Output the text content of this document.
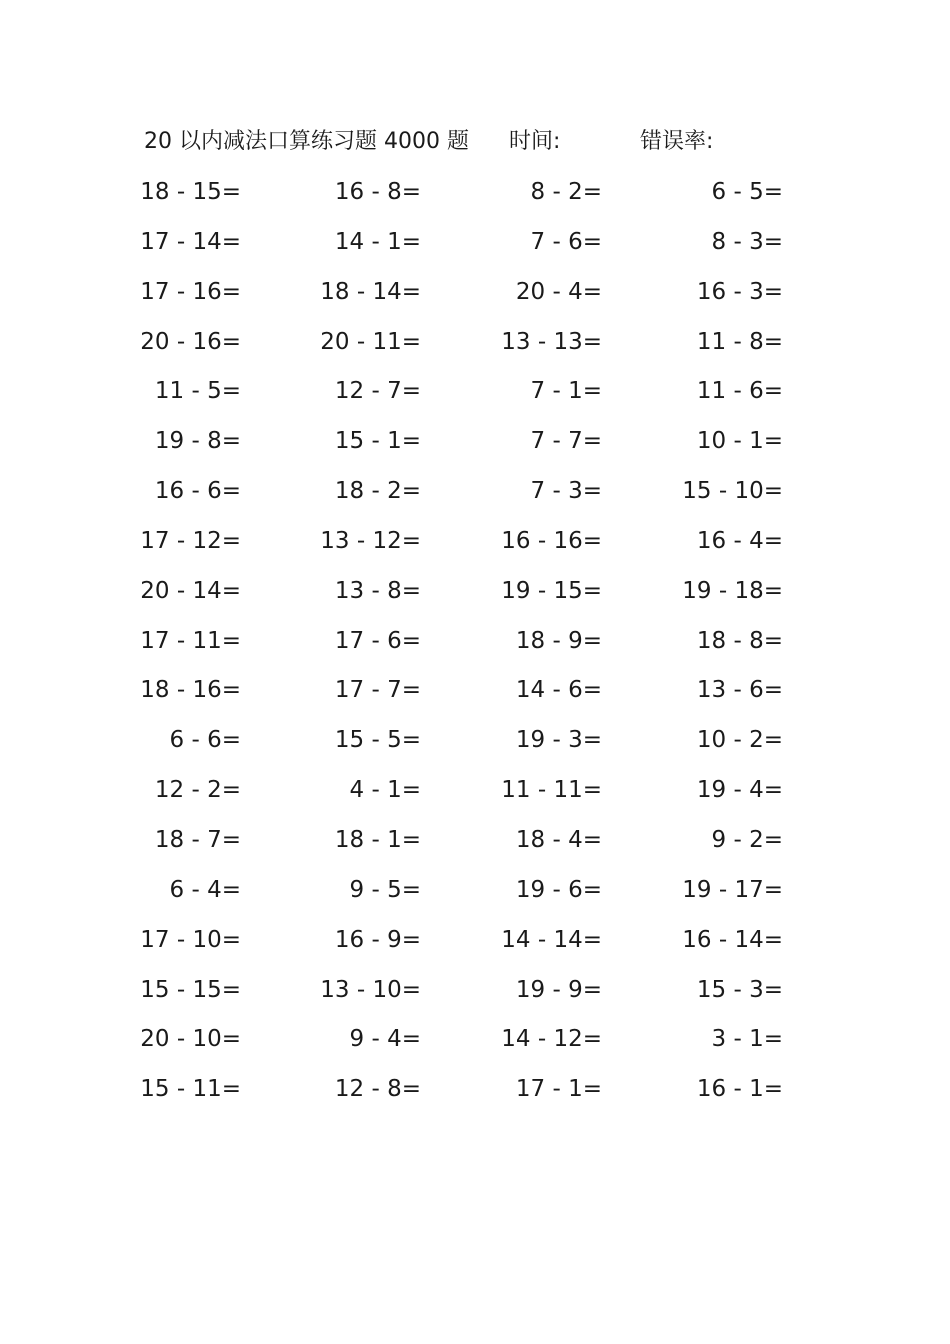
20 以内减法口算练习题 4000 题 时间:	错误率:
18 - 15=	16 - 8=	8 - 2=	6 - 5=
17 - 14=	14 - 1=	7 - 6=	8 - 3=
17 - 16=	18 - 14=	20 - 4=	16 - 3=
20 - 16=	20 - 11=	13 - 13=	11 - 8=
11 - 5=	12 - 7=	7 - 1=	11 - 6=
19 - 8=	15 - 1=	7 - 7=	10 - 1=
16 - 6=	18 - 2=	7 - 3=	15 - 10=
17 - 12=	13 - 12=	16 - 16=	16 - 4=
20 - 14=	13 - 8=	19 - 15=	19 - 18=
17 - 11=	17 - 6=	18 - 9=	18 - 8=
18 - 16=	17 - 7=	14 - 6=	13 - 6=
6 - 6=	15 - 5=	19 - 3=	10 - 2=
12 - 2=	4 - 1=	11 - 11=	19 - 4=
18 - 7=	18 - 1=	18 - 4=	9 - 2=
6 - 4=	9 - 5=	19 - 6=	19 - 17=
17 - 10=	16 - 9=	14 - 14=	16 - 14=
15 - 15=	13 - 10=	19 - 9=	15 - 3=
20 - 10=	9 - 4=	14 - 12=	3 - 1=
15 - 11=	12 - 8=	17 - 1=	16 - 1=
